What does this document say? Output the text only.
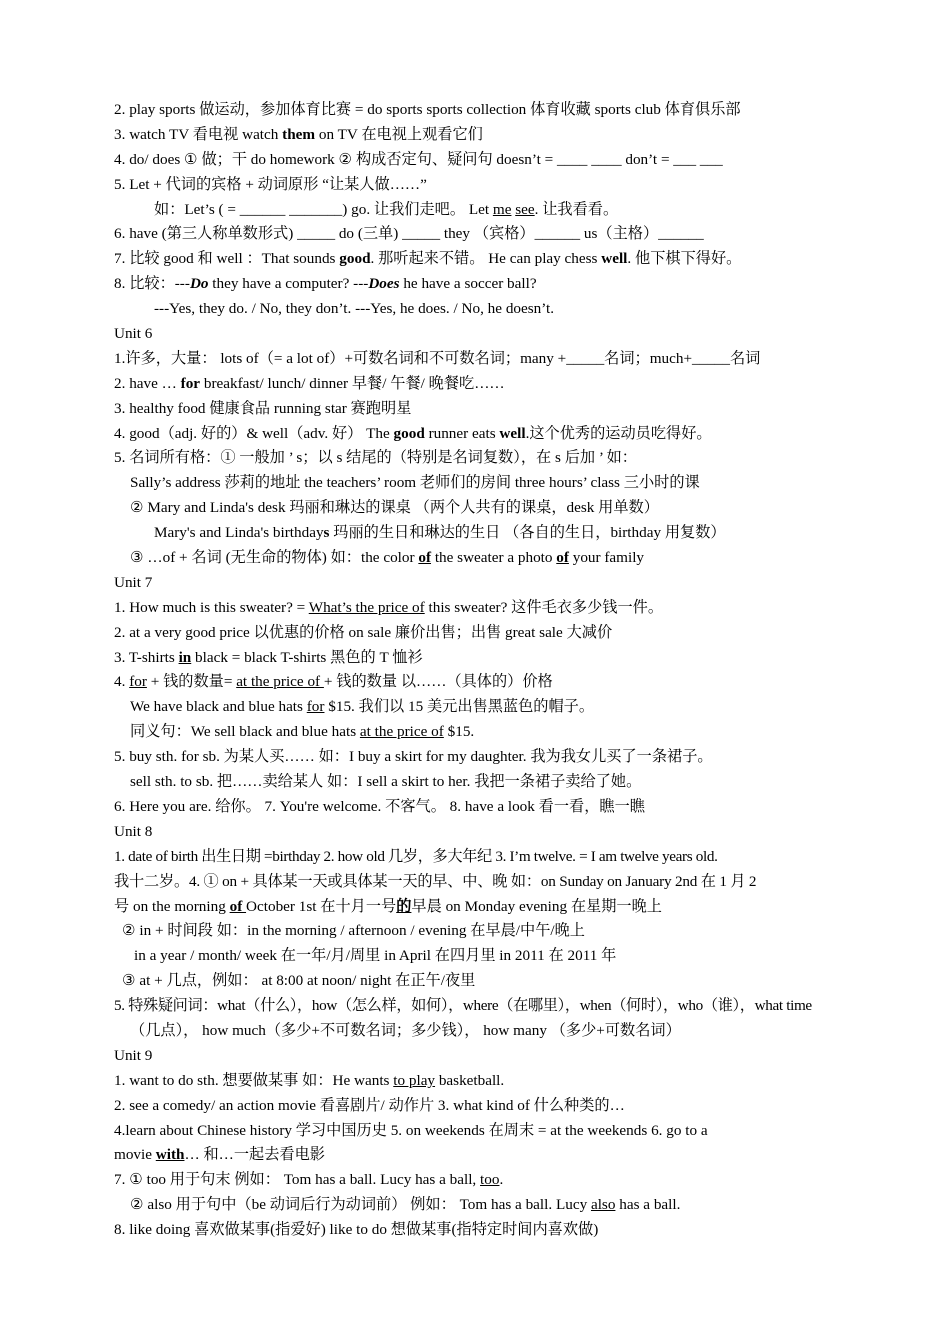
2. play sports 做运动，参加体育比赛 = do sports sports collection 体育收藏 sports club 体育俱乐部
3. watch TV 看电视 watch them on TV 在电视上观看它们
4. do/ does ① 做；干 do homework ② 构成否定句、疑问句 doesn’t = ____ ____ don’t = ___ ___
5. Let + 代词的宾格 + 动词原形 “让某人做……”
如：Let’s ( = ______ _______) go. 让我们走吧。 Let me see. 让我看看。
6. have (第三人称单数形式) _____ do (三单) _____ they （宾格）______ us（主格）______
7. 比较 good 和 well ：That sounds good. 那听起来不错。 He can play chess well. 他下棋下得好。
8. 比较：---Do they have a computer? ---Does he have a soccer ball?
---Yes, they do. / No, they don’t. ---Yes, he does. / No, he doesn’t.
Unit 6
1.许多，大量： lots of（= a lot of）+可数名词和不可数名词；many +_____名词；much+_____名词
2. have … for breakfast/ lunch/ dinner 早餐/ 午餐/ 晚餐吃……
3. healthy food 健康食品 running star 赛跑明星
4. good（adj. 好的）& well（adv. 好） The good runner eats well.这个优秀的运动员吃得好。
5. 名词所有格：① 一般加 ’ s；以 s 结尾的（特别是名词复数），在 s 后加 ’ 如：
Sally’s address 莎莉的地址 the teachers’ room 老师们的房间 three hours’ class 三小时的课
② Mary and Linda's desk 玛丽和琳达的课桌 （两个人共有的课桌，desk 用单数）
Mary's and Linda's birthdays 玛丽的生日和琳达的生日 （各自的生日，birthday 用复数）
③ …of + 名词 (无生命的物体) 如：the color of the sweater a photo of your family
Unit 7
1. How much is this sweater? = What’s the price of this sweater? 这件毛衣多少钱一件。
2. at a very good price 以优惠的价格 on sale 廉价出售；出售 great sale 大减价
3. T-shirts in black = black T-shirts 黑色的 T 恤衫
4. for + 钱的数量= at the price of + 钱的数量 以……（具体的）价格
We have black and blue hats for $15. 我们以 15 美元出售黑蓝色的帽子。
同义句：We sell black and blue hats at the price of $15.
5. buy sth. for sb. 为某人买…… 如：I buy a skirt for my daughter. 我为我女儿买了一条裙子。
sell sth. to sb. 把……卖给某人 如：I sell a skirt to her. 我把一条裙子卖给了她。
6. Here you are. 给你。 7. You're welcome. 不客气。 8. have a look 看一看，瞧一瞧
Unit 8
1. date of birth 出生日期 =birthday 2. how old 几岁，多大年纪 3. I’m twelve. = I am twelve years old.
我十二岁。4. ① on + 具体某一天或具体某一天的早、中、晚 如：on Sunday on January 2nd 在 1 月 2
号 on the morning of October 1st 在十月一号的早晨 on Monday evening 在星期一晚上
② in + 时间段 如：in the morning / afternoon / evening 在早晨/中午/晚上
in a year / month/ week 在一年/月/周里 in April 在四月里 in 2011 在 2011 年
③ at + 几点，例如： at 8:00 at noon/ night 在正午/夜里
5. 特殊疑问词：what（什么），how（怎么样，如何），where（在哪里），when（何时），who（谁），what time
（几点）， how much（多少+不可数名词；多少钱）， how many （多少+可数名词）
Unit 9
1. want to do sth. 想要做某事 如：He wants to play basketball.
2. see a comedy/ an action movie 看喜剧片/ 动作片 3. what kind of 什么种类的…
4.learn about Chinese history 学习中国历史 5. on weekends 在周末 = at the weekends 6. go to a
movie with… 和…一起去看电影
7. ① too 用于句末 例如： Tom has a ball. Lucy has a ball, too.
② also 用于句中（be 动词后行为动词前） 例如： Tom has a ball. Lucy also has a ball.
8. like doing 喜欢做某事(指爱好) like to do 想做某事(指特定时间内喜欢做)
